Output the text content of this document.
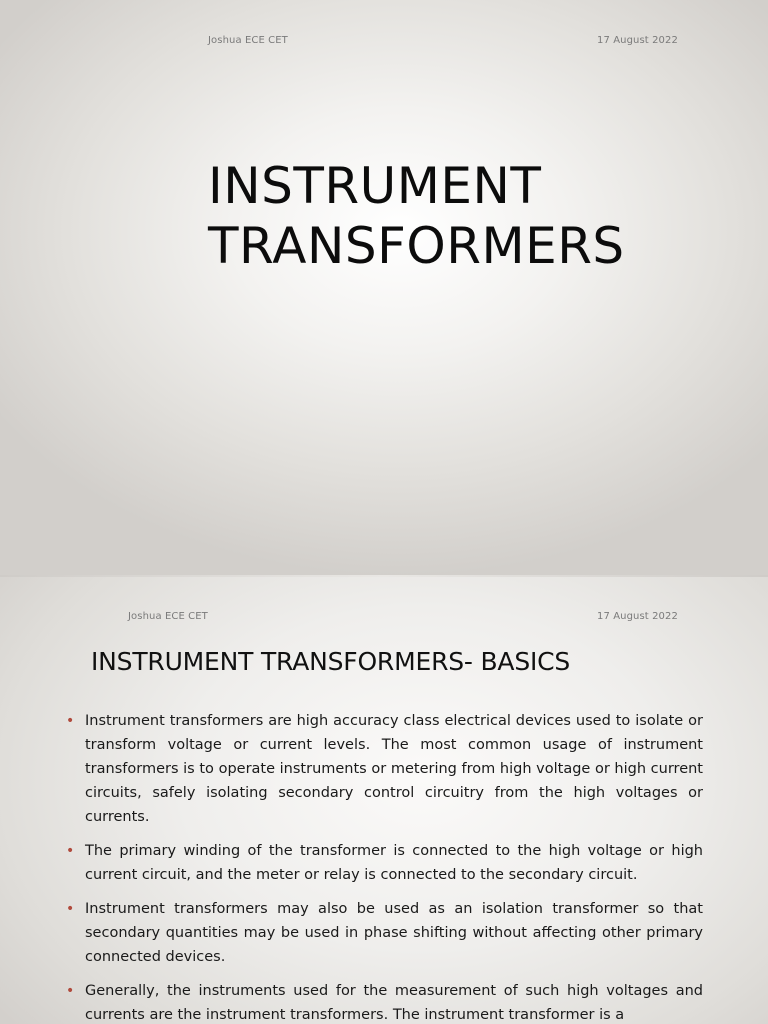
Joshua ECE CET	17 August 2022
INSTRUMENT
TRANSFORMERS
Joshua ECE CET	17 August 2022
INSTRUMENT TRANSFORMERS- BASICS
• Instrument transformers are high accuracy class electrical devices used to isolate or transform voltage or current levels. The most common usage of instrument transformers is to operate instruments or metering from high voltage or high current circuits, safely isolating secondary control circuitry from the high voltages or currents.
• The primary winding of the transformer is connected to the high voltage or high current circuit, and the meter or relay is connected to the secondary circuit.
• Instrument transformers may also be used as an isolation transformer so that secondary quantities may be used in phase shifting without affecting other primary connected devices.
• Generally, the instruments used for the measurement of such high voltages and currents are the instrument transformers. The instrument transformer is a
